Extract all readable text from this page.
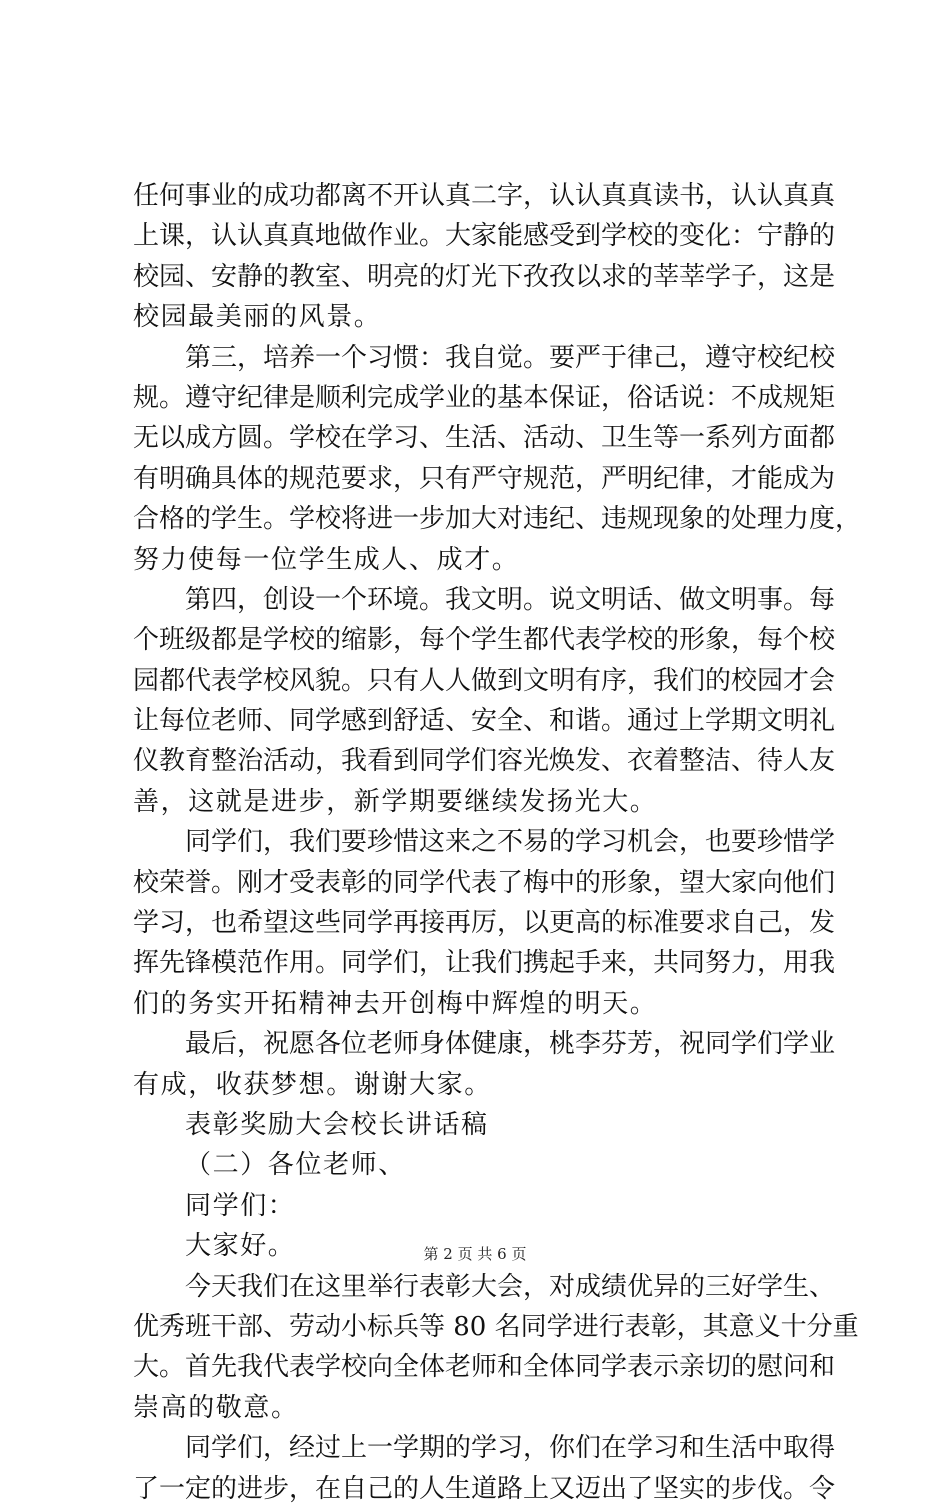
任何事业的成功都离不开认真二字，认认真真读书，认认真真
上课，认认真真地做作业。大家能感受到学校的变化：宁静的
校园、安静的教室、明亮的灯光下孜孜以求的莘莘学子，这是
校园最美丽的风景。
第三，培养一个习惯：我自觉。要严于律己，遵守校纪校
规。遵守纪律是顺利完成学业的基本保证，俗话说：不成规矩
无以成方圆。学校在学习、生活、活动、卫生等一系列方面都
有明确具体的规范要求，只有严守规范，严明纪律，才能成为
合格的学生。学校将进一步加大对违纪、违规现象的处理力度，
努力使每一位学生成人、成才。
第四，创设一个环境。我文明。说文明话、做文明事。每
个班级都是学校的缩影，每个学生都代表学校的形象，每个校
园都代表学校风貌。只有人人做到文明有序，我们的校园才会
让每位老师、同学感到舒适、安全、和谐。通过上学期文明礼
仪教育整治活动，我看到同学们容光焕发、衣着整洁、待人友
善，这就是进步，新学期要继续发扬光大。
同学们，我们要珍惜这来之不易的学习机会，也要珍惜学
校荣誉。刚才受表彰的同学代表了梅中的形象，望大家向他们
学习，也希望这些同学再接再厉，以更高的标准要求自己，发
挥先锋模范作用。同学们，让我们携起手来，共同努力，用我
们的务实开拓精神去开创梅中辉煌的明天。
最后，祝愿各位老师身体健康，桃李芬芳，祝同学们学业
有成，收获梦想。谢谢大家。
表彰奖励大会校长讲话稿
（二）各位老师、
同学们：
大家好。
今天我们在这里举行表彰大会，对成绩优异的三好学生、
优秀班干部、劳动小标兵等 80 名同学进行表彰，其意义十分重
大。首先我代表学校向全体老师和全体同学表示亲切的慰问和
崇高的敬意。
同学们，经过上一学期的学习，你们在学习和生活中取得
了一定的进步，在自己的人生道路上又迈出了坚实的步伐。令
第 2 页 共 6 页
